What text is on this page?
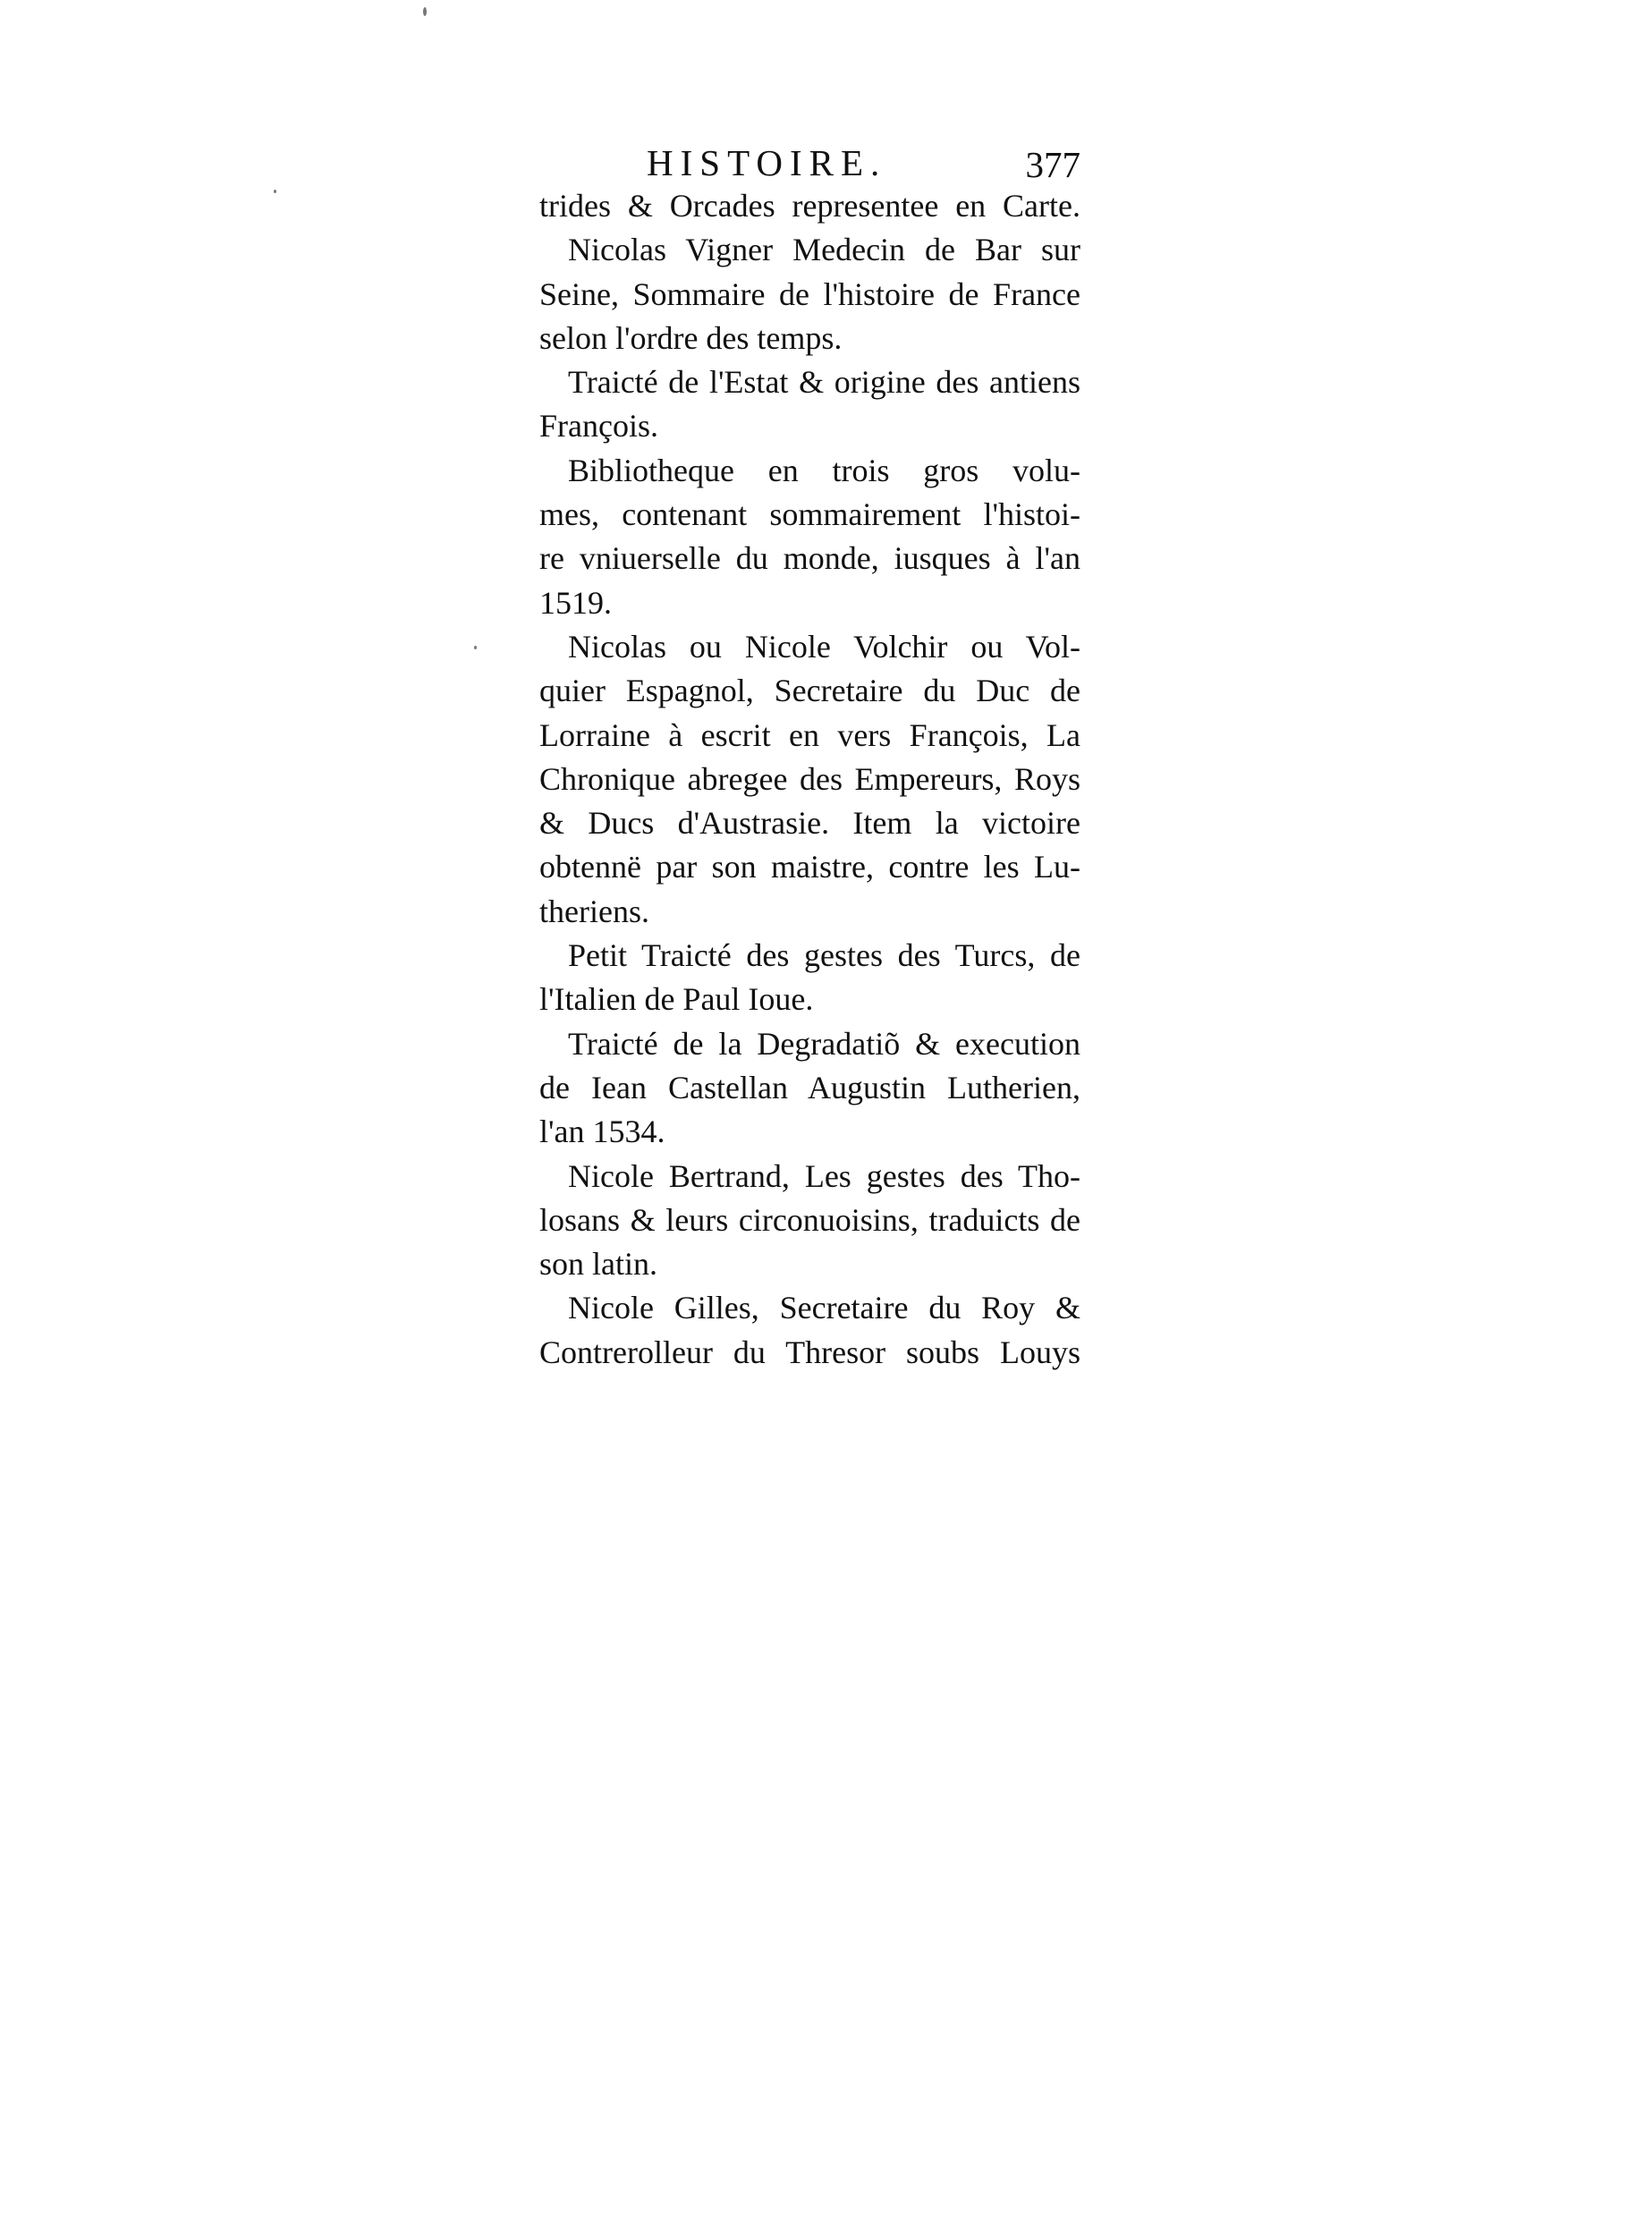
HISTOIRE.	377
trides & Orcades representee en Carte.
Nicolas Vigner Medecin de Bar sur
Seine, Sommaire de l'histoire de France
selon l'ordre des temps.
Traicté de l'Estat & origine des antiens
François.
Bibliotheque en trois gros volu-
mes, contenant sommairement l'histoi-
re vniuerselle du monde, iusques à l'an
1519.
Nicolas ou Nicole Volchir ou Vol-
quier Espagnol, Secretaire du Duc de
Lorraine à escrit en vers François, La
Chronique abregee des Empereurs, Roys
& Ducs d'Austrasie. Item la victoire
obtennë par son maistre, contre les Lu-
theriens.
Petit Traicté des gestes des Turcs, de
l'Italien de Paul Ioue.
Traicté de la Degradatiõ & execution
de Iean Castellan Augustin Lutherien,
l'an 1534.
Nicole Bertrand, Les gestes des Tho-
losans & leurs circonuoisins, traduicts de
son latin.
Nicole Gilles, Secretaire du Roy &
Contrerolleur du Thresor soubs Louys
